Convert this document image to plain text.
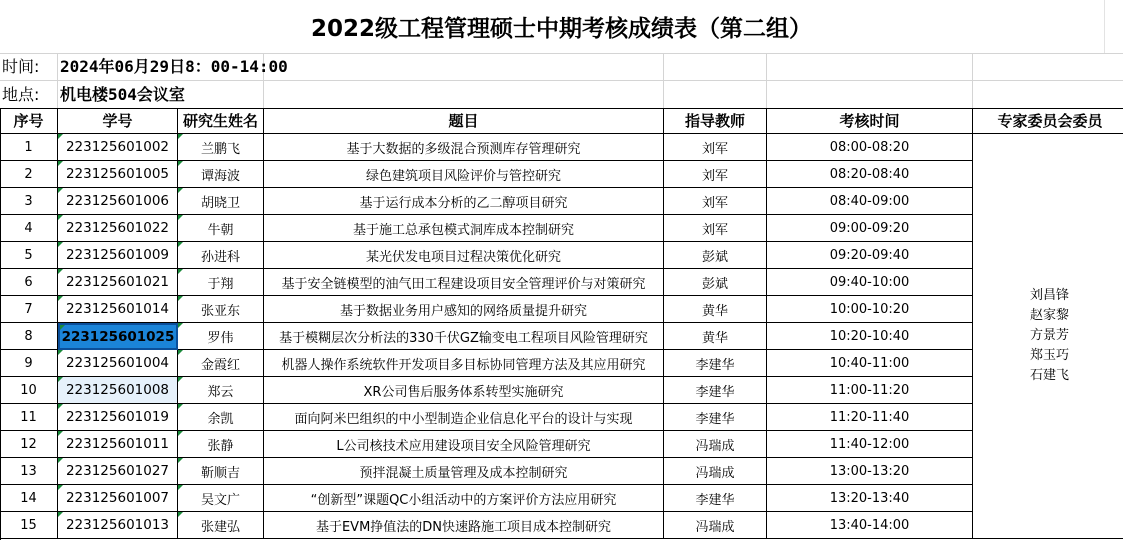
2022级工程管理硕士中期考核成绩表（第二组）
时间: 2024年06月29日8：00-14:00
地点: 机电楼504会议室
序号	学号	研究生姓名	题目	指导教师	考核时间	专家委员会委员
1 223125601002 兰鹏飞	基于大数据的多级混合预测库存管理研究	刘军	08:00-08:20
2 223125601005 谭海波	绿色建筑项目风险评价与管控研究	刘军	08:20-08:40
3 223125601006 胡晓卫	基于运行成本分析的乙二醇项目研究	刘军	08:40-09:00
4 223125601022	牛朝	基于施工总承包模式洞库成本控制研究	刘军	09:00-09:20
5 223125601009 孙进科	某光伏发电项目过程决策优化研究	彭斌	09:20-09:40
6 223125601021	于翔	基于安全链模型的油气田工程建设项目安全管理评价与对策研究	彭斌	09:40-10:00
7 223125601014 张亚东	基于数据业务用户感知的网络质量提升研究	黄华	10:00-10:20
8 223125601025	罗伟	基于模糊层次分析法的330千伏GZ输变电工程项目风险管理研究	黄华	10:20-10:40
9 223125601004 金霞红	机器人操作系统软件开发项目多目标协同管理方法及其应用研究	李建华	10:40-11:00
10 223125601008	郑云	XR公司售后服务体系转型实施研究	李建华	11:00-11:20
11 223125601019	余凯	面向阿米巴组织的中小型制造企业信息化平台的设计与实现	李建华	11:20-11:40
12 223125601011	张静	L公司核技术应用建设项目安全风险管理研究	冯瑞成	11:40-12:00
13 223125601027 靳顺吉	预拌混凝土质量管理及成本控制研究	冯瑞成	13:00-13:20
14 223125601007 吴文广	“创新型”课题QC小组活动中的方案评价方法应用研究	李建华	13:20-13:40
15 223125601013 张建弘	基于EVM挣值法的DN快速路施工项目成本控制研究	冯瑞成	13:40-14:00
刘昌锋
赵家黎
方景芳
郑玉巧
石建飞
